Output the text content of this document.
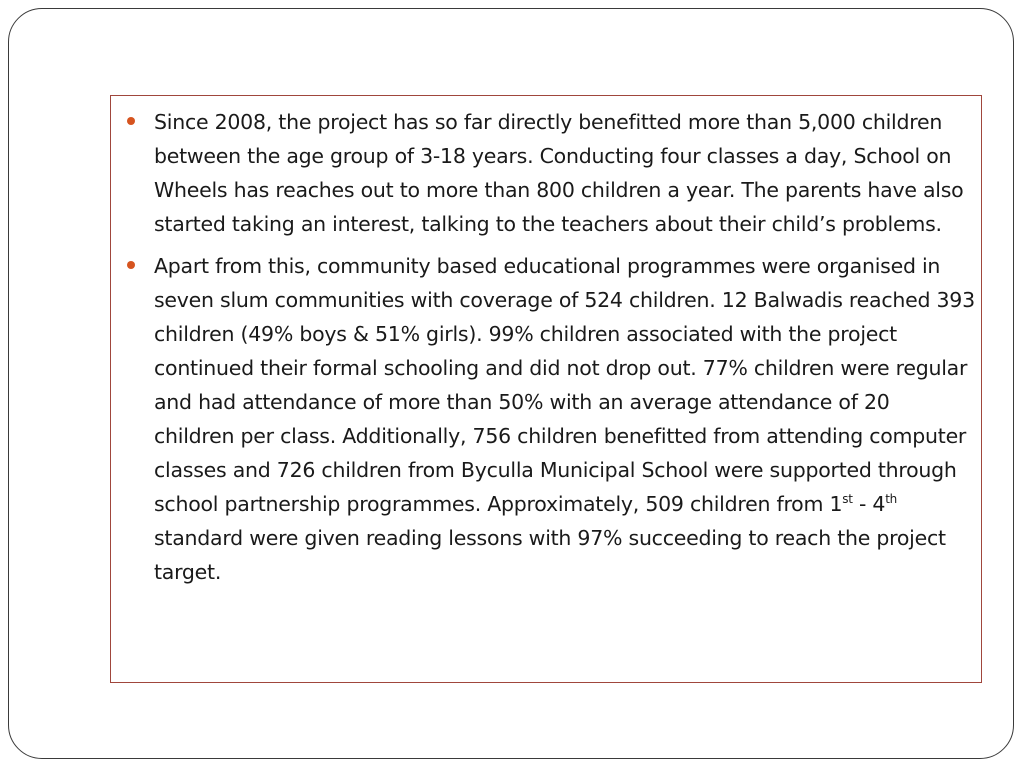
Since 2008, the project has so far directly benefitted more than 5,000 children between the age group of 3-18 years. Conducting four classes a day, School on Wheels has reaches out to more than 800 children a year. The parents have also started taking an interest, talking to the teachers about their child’s problems.
Apart from this, community based educational programmes were organised in seven slum communities with coverage of 524 children. 12 Balwadis reached 393 children (49% boys & 51% girls). 99% children associated with the project continued their formal schooling and did not drop out. 77% children were regular and had attendance of more than 50% with an average attendance of 20 children per class. Additionally, 756 children benefitted from attending computer classes and 726 children from Byculla Municipal School were supported through school partnership programmes. Approximately, 509 children from 1st - 4th standard were given reading lessons with 97% succeeding to reach the project target.
